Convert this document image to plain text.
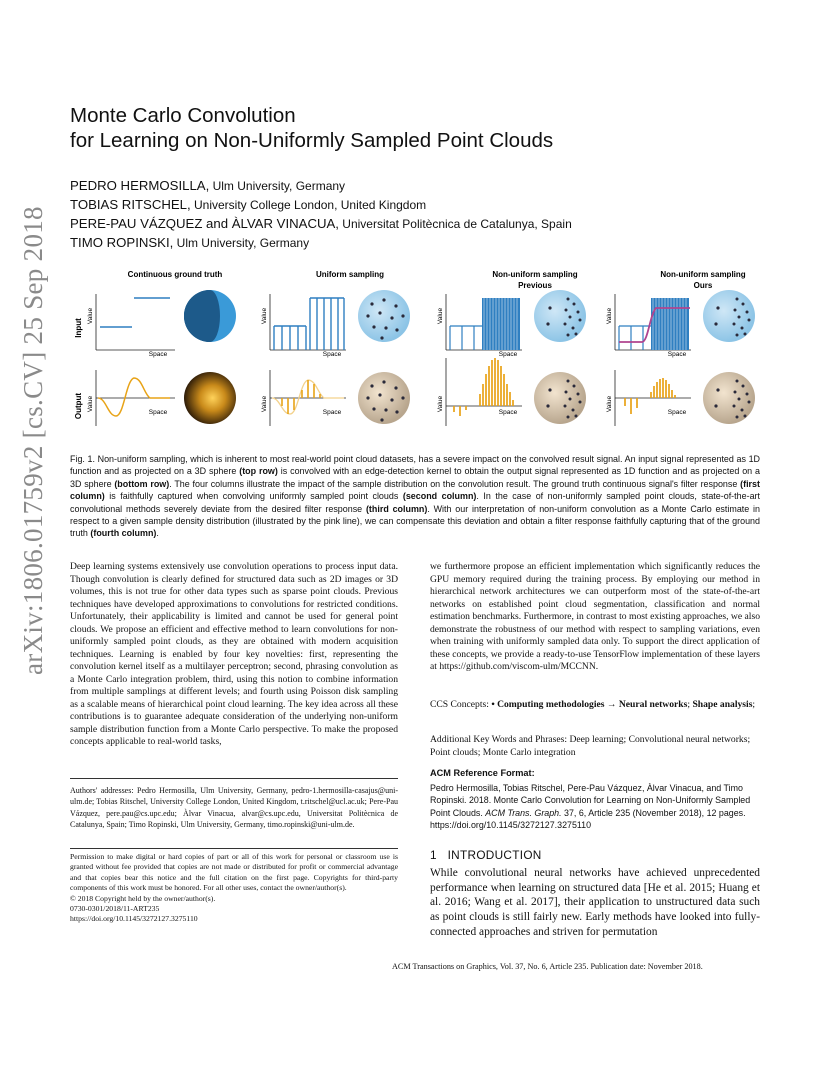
arXiv:1806.01759v2 [cs.CV] 25 Sep 2018
Monte Carlo Convolution
for Learning on Non-Uniformly Sampled Point Clouds
PEDRO HERMOSILLA, Ulm University, Germany
TOBIAS RITSCHEL, University College London, United Kingdom
PERE-PAU VÁZQUEZ and ÀLVAR VINACUA, Universitat Politècnica de Catalunya, Spain
TIMO ROPINSKI, Ulm University, Germany
Continuous ground truth	Uniform sampling	Non-uniform sampling
Previous
Non-uniform sampling
Ours
Input
Output
Value
Space
Value
Space
Value
Space
Value
Space
Value
Space
Value
Space
Value
Space
Value
Space
Fig. 1. Non-uniform sampling, which is inherent to most real-world point cloud datasets, has a severe impact on the convolved result signal. An input signal represented as 1D function and as projected on a 3D sphere (top row) is convolved with an edge-detection kernel to obtain the output signal represented as 1D function and as projected on a 3D sphere (bottom row). The four columns illustrate the impact of the sample distribution on the convolution result. The ground truth continuous signal's filter response (first column) is faithfully captured when convolving uniformly sampled point clouds (second column). In the case of non-uniformly sampled point clouds, state-of-the-art convolutional methods severely deviate from the desired filter response (third column). With our interpretation of non-uniform convolution as a Monte Carlo estimate in respect to a given sample density distribution (illustrated by the pink line), we can compensate this deviation and obtain a filter response faithfully capturing that of the ground truth (fourth column).
Deep learning systems extensively use convolution operations to process input data. Though convolution is clearly defined for structured data such as 2D images or 3D volumes, this is not true for other data types such as sparse point clouds. Previous techniques have developed approximations to convolutions for restricted conditions. Unfortunately, their applicability is limited and cannot be used for general point clouds. We propose an efficient and effective method to learn convolutions for non-uniformly sampled point clouds, as they are obtained with modern acquisition techniques. Learning is enabled by four key novelties: first, representing the convolution kernel itself as a multilayer perceptron; second, phrasing convolution as a Monte Carlo integration problem, third, using this notion to combine information from multiple samplings at different levels; and fourth using Poisson disk sampling as a scalable means of hierarchical point cloud learning. The key idea across all these contributions is to guarantee adequate consideration of the underlying non-uniform sample distribution function from a Monte Carlo perspective. To make the proposed concepts applicable to real-world tasks,
Authors' addresses: Pedro Hermosilla, Ulm University, Germany, pedro-1.hermosilla-casajus@uni-ulm.de; Tobias Ritschel, University College London, United Kingdom, t.ritschel@ucl.ac.uk; Pere-Pau Vázquez, pere.pau@cs.upc.edu; Àlvar Vinacua, alvar@cs.upc.edu, Universitat Politècnica de Catalunya, Spain; Timo Ropinski, Ulm University, Germany, timo.ropinski@uni-ulm.de.
Permission to make digital or hard copies of part or all of this work for personal or classroom use is granted without fee provided that copies are not made or distributed for profit or commercial advantage and that copies bear this notice and the full citation on the first page. Copyrights for third-party components of this work must be honored. For all other uses, contact the owner/author(s).
© 2018 Copyright held by the owner/author(s).
0730-0301/2018/11-ART235
https://doi.org/10.1145/3272127.3275110
we furthermore propose an efficient implementation which significantly reduces the GPU memory required during the training process. By employing our method in hierarchical network architectures we can outperform most of the state-of-the-art networks on established point cloud segmentation, classification and normal estimation benchmarks. Furthermore, in contrast to most existing approaches, we also demonstrate the robustness of our method with respect to sampling variations, even when training with uniformly sampled data only. To support the direct application of these concepts, we provide a ready-to-use TensorFlow implementation of these layers at https://github.com/viscom-ulm/MCCNN.
CCS Concepts: • Computing methodologies → Neural networks; Shape analysis;
Additional Key Words and Phrases: Deep learning; Convolutional neural networks; Point clouds; Monte Carlo integration
ACM Reference Format:
Pedro Hermosilla, Tobias Ritschel, Pere-Pau Vázquez, Àlvar Vinacua, and Timo Ropinski. 2018. Monte Carlo Convolution for Learning on Non-Uniformly Sampled Point Clouds. ACM Trans. Graph. 37, 6, Article 235 (November 2018), 12 pages. https://doi.org/10.1145/3272127.3275110
1   INTRODUCTION
While convolutional neural networks have achieved unprecedented performance when learning on structured data [He et al. 2015; Huang et al. 2016; Wang et al. 2017], their application to unstructured data such as point clouds is still fairly new. Early methods have looked into fully-connected approaches and striven for permutation
ACM Transactions on Graphics, Vol. 37, No. 6, Article 235. Publication date: November 2018.
